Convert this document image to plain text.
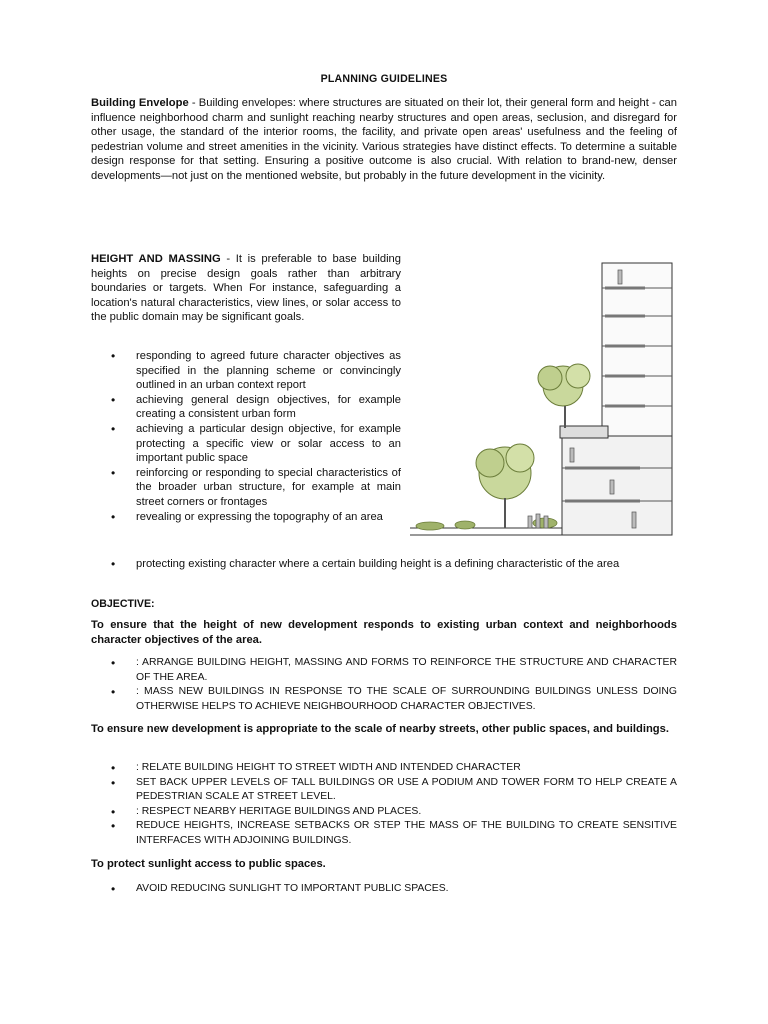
PLANNING GUIDELINES

Building Envelope - Building envelopes: where structures are situated on their lot, their general form and height - can influence neighborhood charm and sunlight reaching nearby structures and open areas, seclusion, and disregard for other usage, the standard of the interior rooms, the facility, and private open areas' usefulness and the feeling of pedestrian volume and street amenities in the vicinity. Various strategies have distinct effects. To determine a suitable design response for that setting. Ensuring a positive outcome is also crucial. With relation to brand-new, denser developments—not just on the mentioned website, but probably in the future development in the vicinity.

HEIGHT AND MASSING - It is preferable to base building heights on precise design goals rather than arbitrary boundaries or targets. When For instance, safeguarding a location's natural characteristics, view lines, or solar access to the public domain may be significant goals.

• responding to agreed future character objectives as specified in the planning scheme or convincingly outlined in an urban context report
• achieving general design objectives, for example creating a consistent urban form
• achieving a particular design objective, for example protecting a specific view or solar access to an important public space
• reinforcing or responding to special characteristics of the broader urban structure, for example at main street corners or frontages
• revealing or expressing the topography of an area
• protecting existing character where a certain building height is a defining characteristic of the area
OBJECTIVE:
To ensure that the height of new development responds to existing urban context and neighborhoods character objectives of the area.
• : ARRANGE BUILDING HEIGHT, MASSING AND FORMS TO REINFORCE THE STRUCTURE AND CHARACTER OF THE AREA.
• : MASS NEW BUILDINGS IN RESPONSE TO THE SCALE OF SURROUNDING BUILDINGS UNLESS DOING OTHERWISE HELPS TO ACHIEVE NEIGHBOURHOOD CHARACTER OBJECTIVES.
To ensure new development is appropriate to the scale of nearby streets, other public spaces, and buildings.
• : RELATE BUILDING HEIGHT TO STREET WIDTH AND INTENDED CHARACTER
• SET BACK UPPER LEVELS OF TALL BUILDINGS OR USE A PODIUM AND TOWER FORM TO HELP CREATE A PEDESTRIAN SCALE AT STREET LEVEL.
• : RESPECT NEARBY HERITAGE BUILDINGS AND PLACES.
• REDUCE HEIGHTS, INCREASE SETBACKS OR STEP THE MASS OF THE BUILDING TO CREATE SENSITIVE INTERFACES WITH ADJOINING BUILDINGS.
To protect sunlight access to public spaces.
• AVOID REDUCING SUNLIGHT TO IMPORTANT PUBLIC SPACES.
